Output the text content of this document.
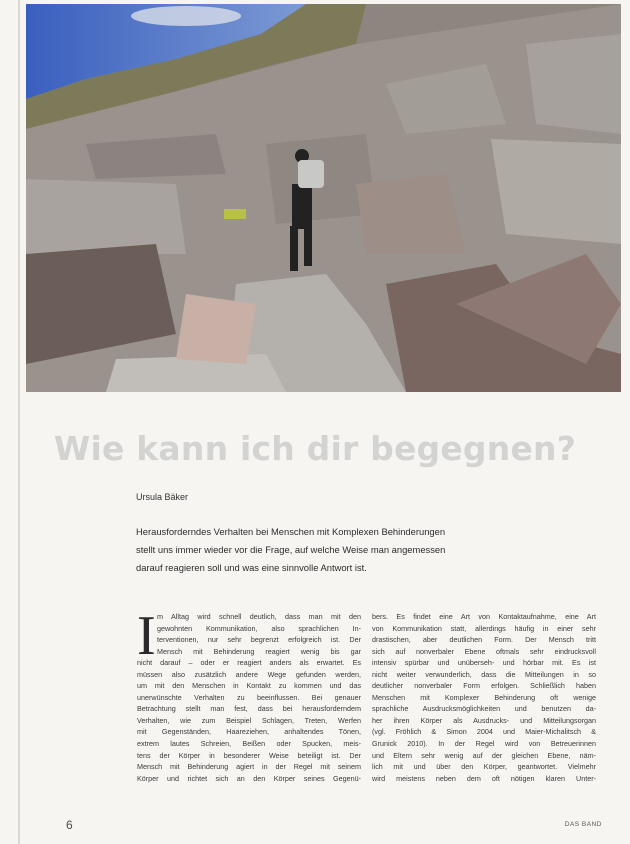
Wie kann ich dir begegnen?
Ursula Bäker

Herausforderndes Verhalten bei Menschen mit Komplexen Behinderungen

stellt uns immer wieder vor die Frage, auf welche Weise man angemessen

darauf reagieren soll und was eine sinnvolle Antwort ist.

I m Alltag wird schnell deutlich, dass man mit den

gewohnten Kommunikation, also sprachlichen In-

terventionen, nur sehr begrenzt erfolgreich ist. Der

Mensch mit Behinderung reagiert wenig bis gar

nicht darauf – oder er reagiert anders als erwartet. Es

müssen also zusätzlich andere Wege gefunden werden,

um mit den Menschen in Kontakt zu kommen und das

unerwünschte Verhalten zu beeinflussen. Bei genauer

Betrachtung stellt man fest, dass bei herausforderndem

Verhalten, wie zum Beispiel Schlagen, Treten, Werfen

mit Gegenständen, Haareziehen, anhaltendes Tönen,

extrem lautes Schreien, Beißen oder Spucken, meis-

tens der Körper in besonderer Weise beteiligt ist. Der

Mensch mit Behinderung agiert in der Regel mit seinem

Körper und richtet sich an den Körper seines Gegenü-

bers. Es findet eine Art von Kontaktaufnahme, eine Art

von Kommunikation statt, allerdings häufig in einer sehr

drastischen, aber deutlichen Form. Der Mensch tritt

sich auf nonverbaler Ebene oftmals sehr eindrucksvoll

intensiv spürbar und unüberseh- und hörbar mit. Es ist

nicht weiter verwunderlich, dass die Mitteilungen in so

deutlicher nonverbaler Form erfolgen. Schließlich haben

Menschen mit Komplexer Behinderung oft wenige

sprachliche Ausdrucksmöglichkeiten und benutzen da-

her ihren Körper als Ausdrucks- und Mitteilungsorgan

(vgl. Fröhlich & Simon 2004 und Maier-Michalitsch &

Grunick 2010). In der Regel wird von Betreuerinnen

und Eltern sehr wenig auf der gleichen Ebene, näm-

lich mit und über den Körper, geantwortet. Vielmehr

wird meistens neben dem oft nötigen klaren Unter-

6	DAS BAND
